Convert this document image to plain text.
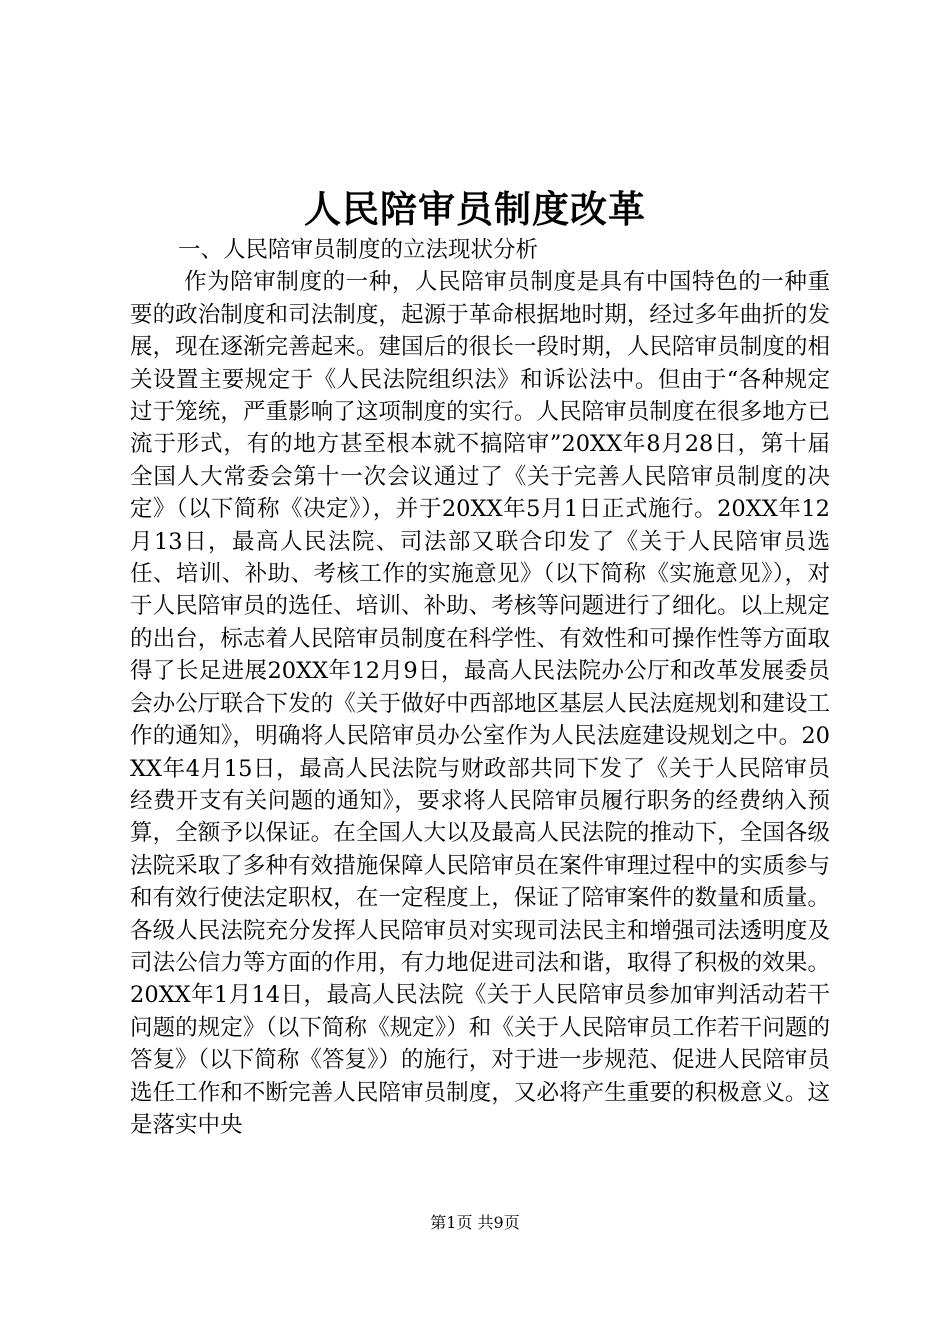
人民陪审员制度改革
一、人民陪审员制度的立法现状分析

作为陪审制度的一种，人民陪审员制度是具有中国特色的一种重要的政治制度和司法制度，起源于革命根据地时期，经过多年曲折的发展，现在逐渐完善起来。建国后的很长一段时期，人民陪审员制度的相关设置主要规定于《人民法院组织法》和诉讼法中。但由于“各种规定过于笼统，严重影响了这项制度的实行。人民陪审员制度在很多地方已流于形式，有的地方甚至根本就不搞陪审”20XX年8月28日，第十届全国人大常委会第十一次会议通过了《关于完善人民陪审员制度的决定》（以下简称《决定》），并于20XX年5月1日正式施行。20XX年12月13日，最高人民法院、司法部又联合印发了《关于人民陪审员选任、培训、补助、考核工作的实施意见》（以下简称《实施意见》），对于人民陪审员的选任、培训、补助、考核等问题进行了细化。以上规定的出台，标志着人民陪审员制度在科学性、有效性和可操作性等方面取得了长足进展20XX年12月9日，最高人民法院办公厅和改革发展委员会办公厅联合下发的《关于做好中西部地区基层人民法庭规划和建设工作的通知》，明确将人民陪审员办公室作为人民法庭建设规划之中。20XX年4月15日，最高人民法院与财政部共同下发了《关于人民陪审员经费开支有关问题的通知》，要求将人民陪审员履行职务的经费纳入预算，全额予以保证。在全国人大以及最高人民法院的推动下，全国各级法院采取了多种有效措施保障人民陪审员在案件审理过程中的实质参与和有效行使法定职权，在一定程度上，保证了陪审案件的数量和质量。各级人民法院充分发挥人民陪审员对实现司法民主和增强司法透明度及司法公信力等方面的作用，有力地促进司法和谐，取得了积极的效果。20XX年1月14日，最高人民法院《关于人民陪审员参加审判活动若干问题的规定》（以下简称《规定》）和《关于人民陪审员工作若干问题的答复》（以下简称《答复》）的施行，对于进一步规范、促进人民陪审员选任工作和不断完善人民陪审员制度，又必将产生重要的积极意义。这是落实中央

第1页 共9页
